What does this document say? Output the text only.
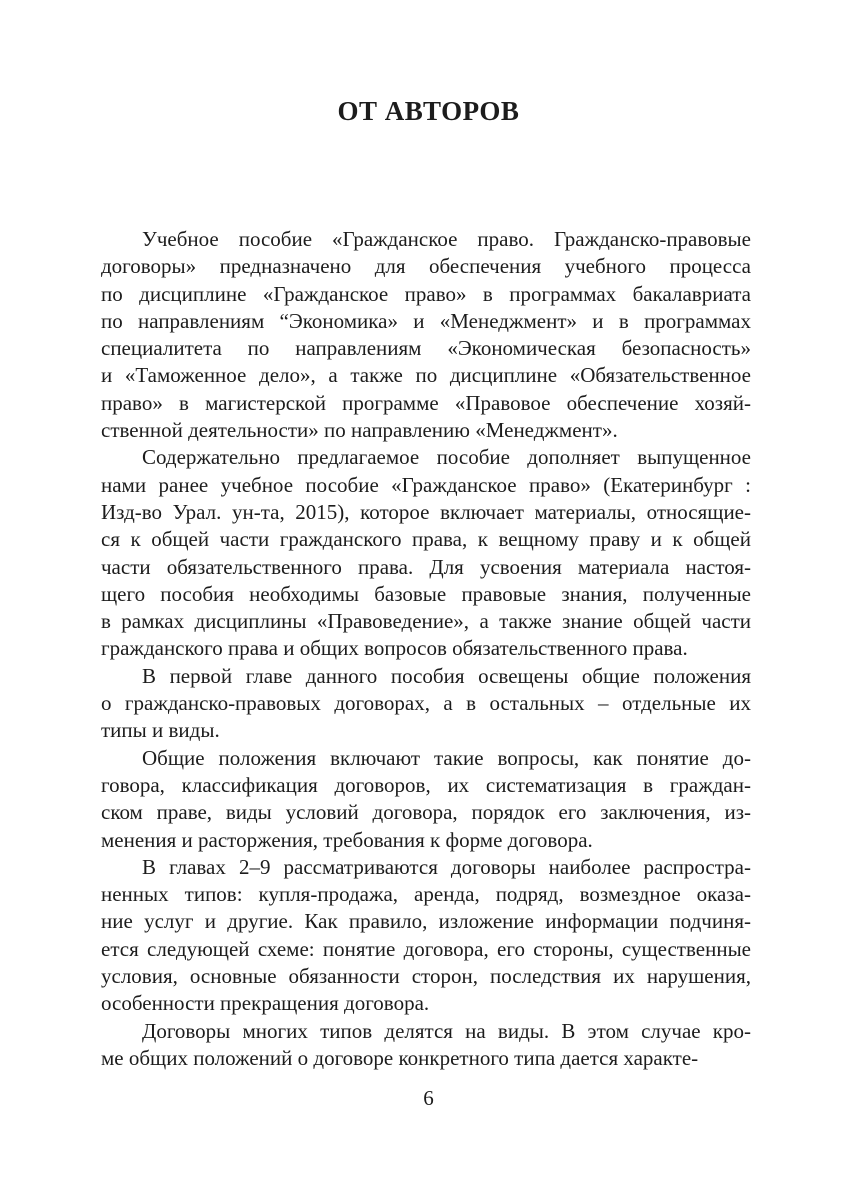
ОТ АВТОРОВ
Учебное пособие «Гражданское право. Гражданско-правовые
договоры» предназначено для обеспечения учебного процесса
по дисциплине «Гражданское право» в программах бакалавриата
по направлениям “Экономика» и «Менеджмент» и в программах
специалитета по направлениям «Экономическая безопасность»
и «Таможенное дело», а также по дисциплине «Обязательственное
право» в магистерской программе «Правовое обеспечение хозяй-
ственной деятельности» по направлению «Менеджмент».
Содержательно предлагаемое пособие дополняет выпущенное
нами ранее учебное пособие «Гражданское право» (Екатеринбург :
Изд-во Урал. ун-та, 2015), которое включает материалы, относящие-
ся к общей части гражданского права, к вещному праву и к общей
части обязательственного права. Для усвоения материала настоя-
щего пособия необходимы базовые правовые знания, полученные
в рамках дисциплины «Правоведение», а также знание общей части
гражданского права и общих вопросов обязательственного права.
В первой главе данного пособия освещены общие положения
о гражданско-правовых договорах, а в остальных – отдельные их
типы и виды.
Общие положения включают такие вопросы, как понятие до-
говора, классификация договоров, их систематизация в граждан-
ском праве, виды условий договора, порядок его заключения, из-
менения и расторжения, требования к форме договора.
В главах 2–9 рассматриваются договоры наиболее распростра-
ненных типов: купля-продажа, аренда, подряд, возмездное оказа-
ние услуг и другие. Как правило, изложение информации подчиня-
ется следующей схеме: понятие договора, его стороны, существенные
условия, основные обязанности сторон, последствия их нарушения,
особенности прекращения договора.
Договоры многих типов делятся на виды. В этом случае кро-
ме общих положений о договоре конкретного типа дается характе-
6
